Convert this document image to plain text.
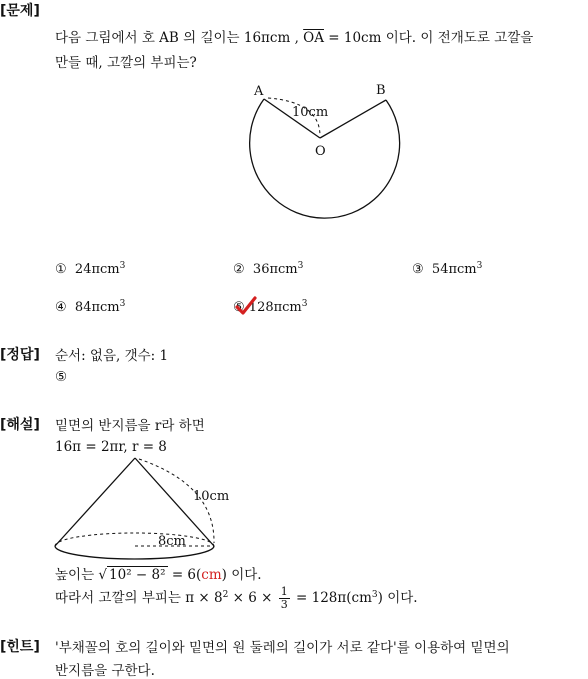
[문제]
다음 그림에서 호 AB 의 길이는 16πcm , $\overline{OA} = 10cm$ 이다. 이 전개도로 고깔을
만들 때, 고깔의 부피는?
A	B
O
10cm
① 24πcm$^3$	② 36πcm$^3$	③ 54πcm$^3$
④ 84πcm$^3$	⑤ 128πcm$^3$
[정답] 순서: 없음, 갯수: 1
⑤
[해설] 밑면의 반지름을 r라 하면
16π = 2πr, r = 8
10cm
8cm
높이는 √ 10² − 8² = 6(cm) 이다.
따라서 고깔의 부피는 $\pi \times 8^2 \times 6 \times \frac{1}{3} = 128\pi(cm^3)$ 이다.
[힌트] '부채꼴의 호의 길이와 밑면의 원 둘레의 길이가 서로 같다'를 이용하여 밑면의
반지름을 구한다.
